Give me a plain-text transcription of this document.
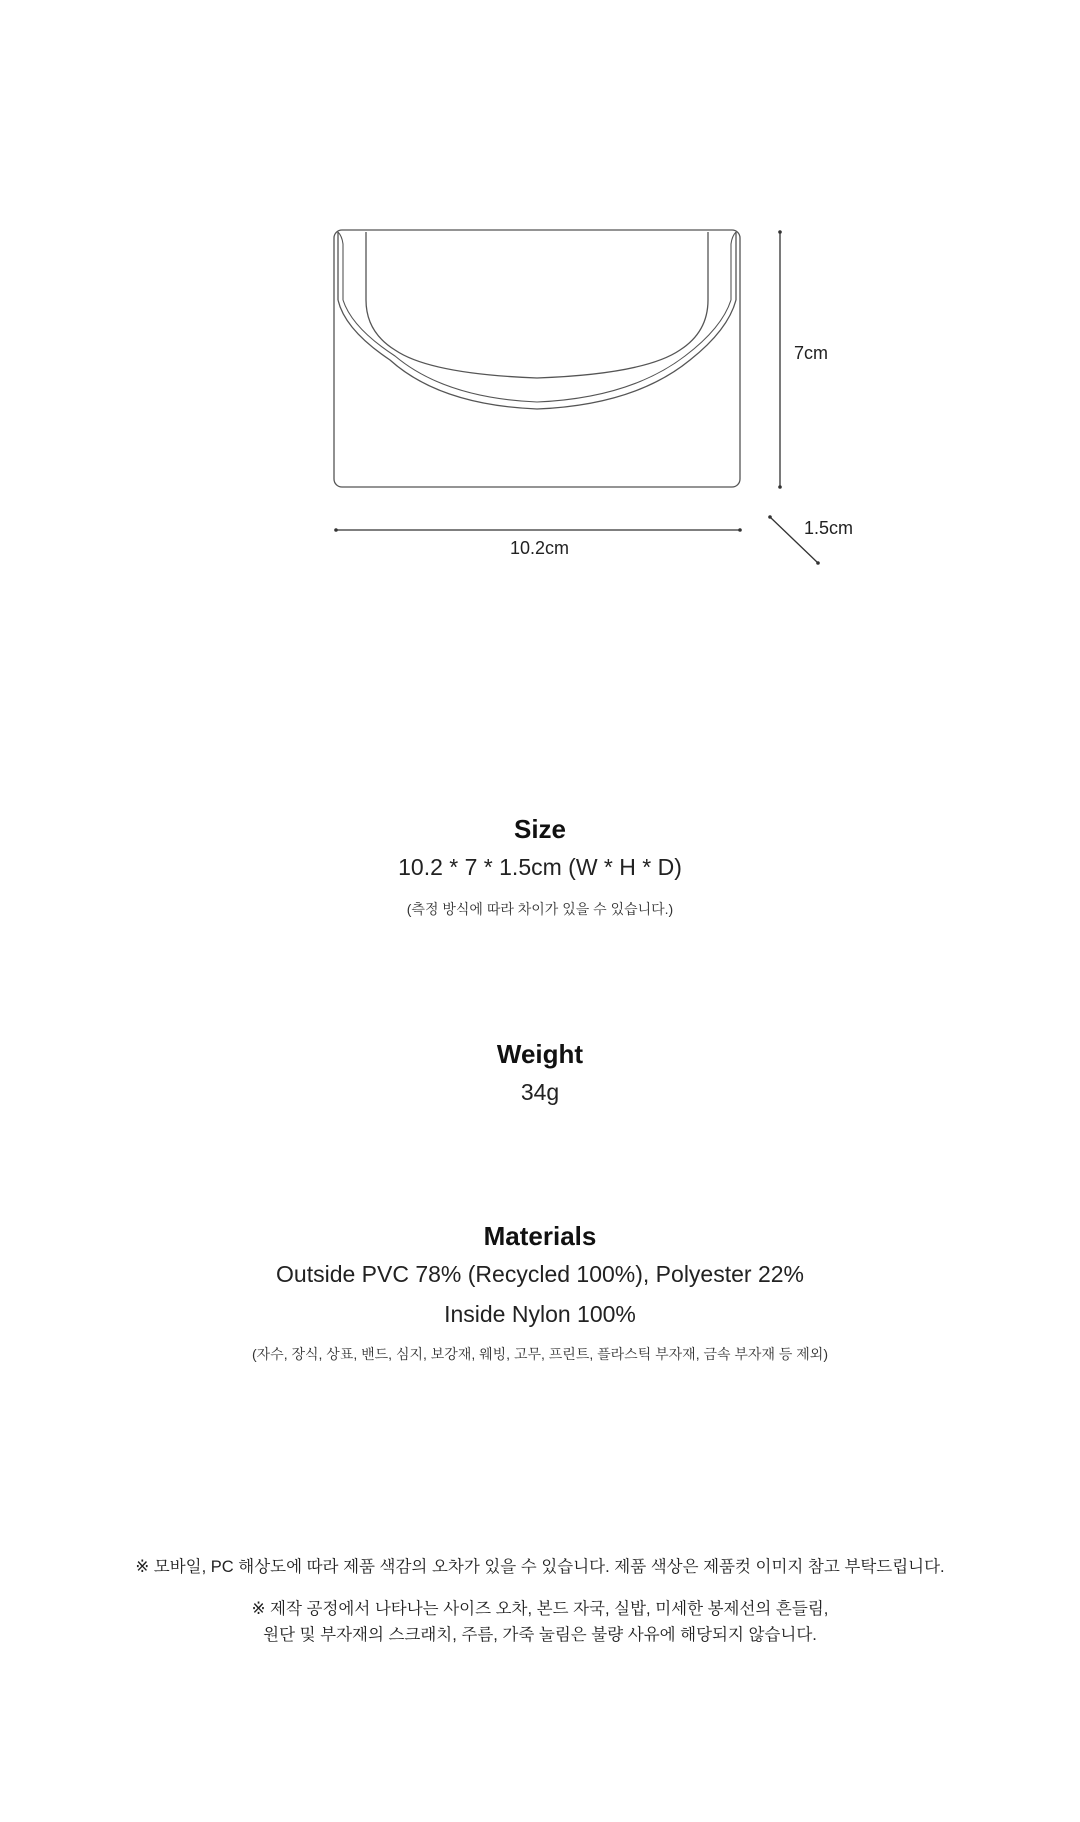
7cm
10.2cm
1.5cm

Size

10.2 * 7 * 1.5cm (W * H * D)

(측정 방식에 따라 차이가 있을 수 있습니다.)

Weight

34g

Materials

Outside PVC 78% (Recycled 100%), Polyester 22%

Inside Nylon 100%

(자수, 장식, 상표, 밴드, 심지, 보강재, 웨빙, 고무, 프린트, 플라스틱 부자재, 금속 부자재 등 제외)

※ 모바일, PC 해상도에 따라 제품 색감의 오차가 있을 수 있습니다. 제품 색상은 제품컷 이미지 참고 부탁드립니다.

※ 제작 공정에서 나타나는 사이즈 오차, 본드 자국, 실밥, 미세한 봉제선의 흔들림,

원단 및 부자재의 스크래치, 주름, 가죽 눌림은 불량 사유에 해당되지 않습니다.
